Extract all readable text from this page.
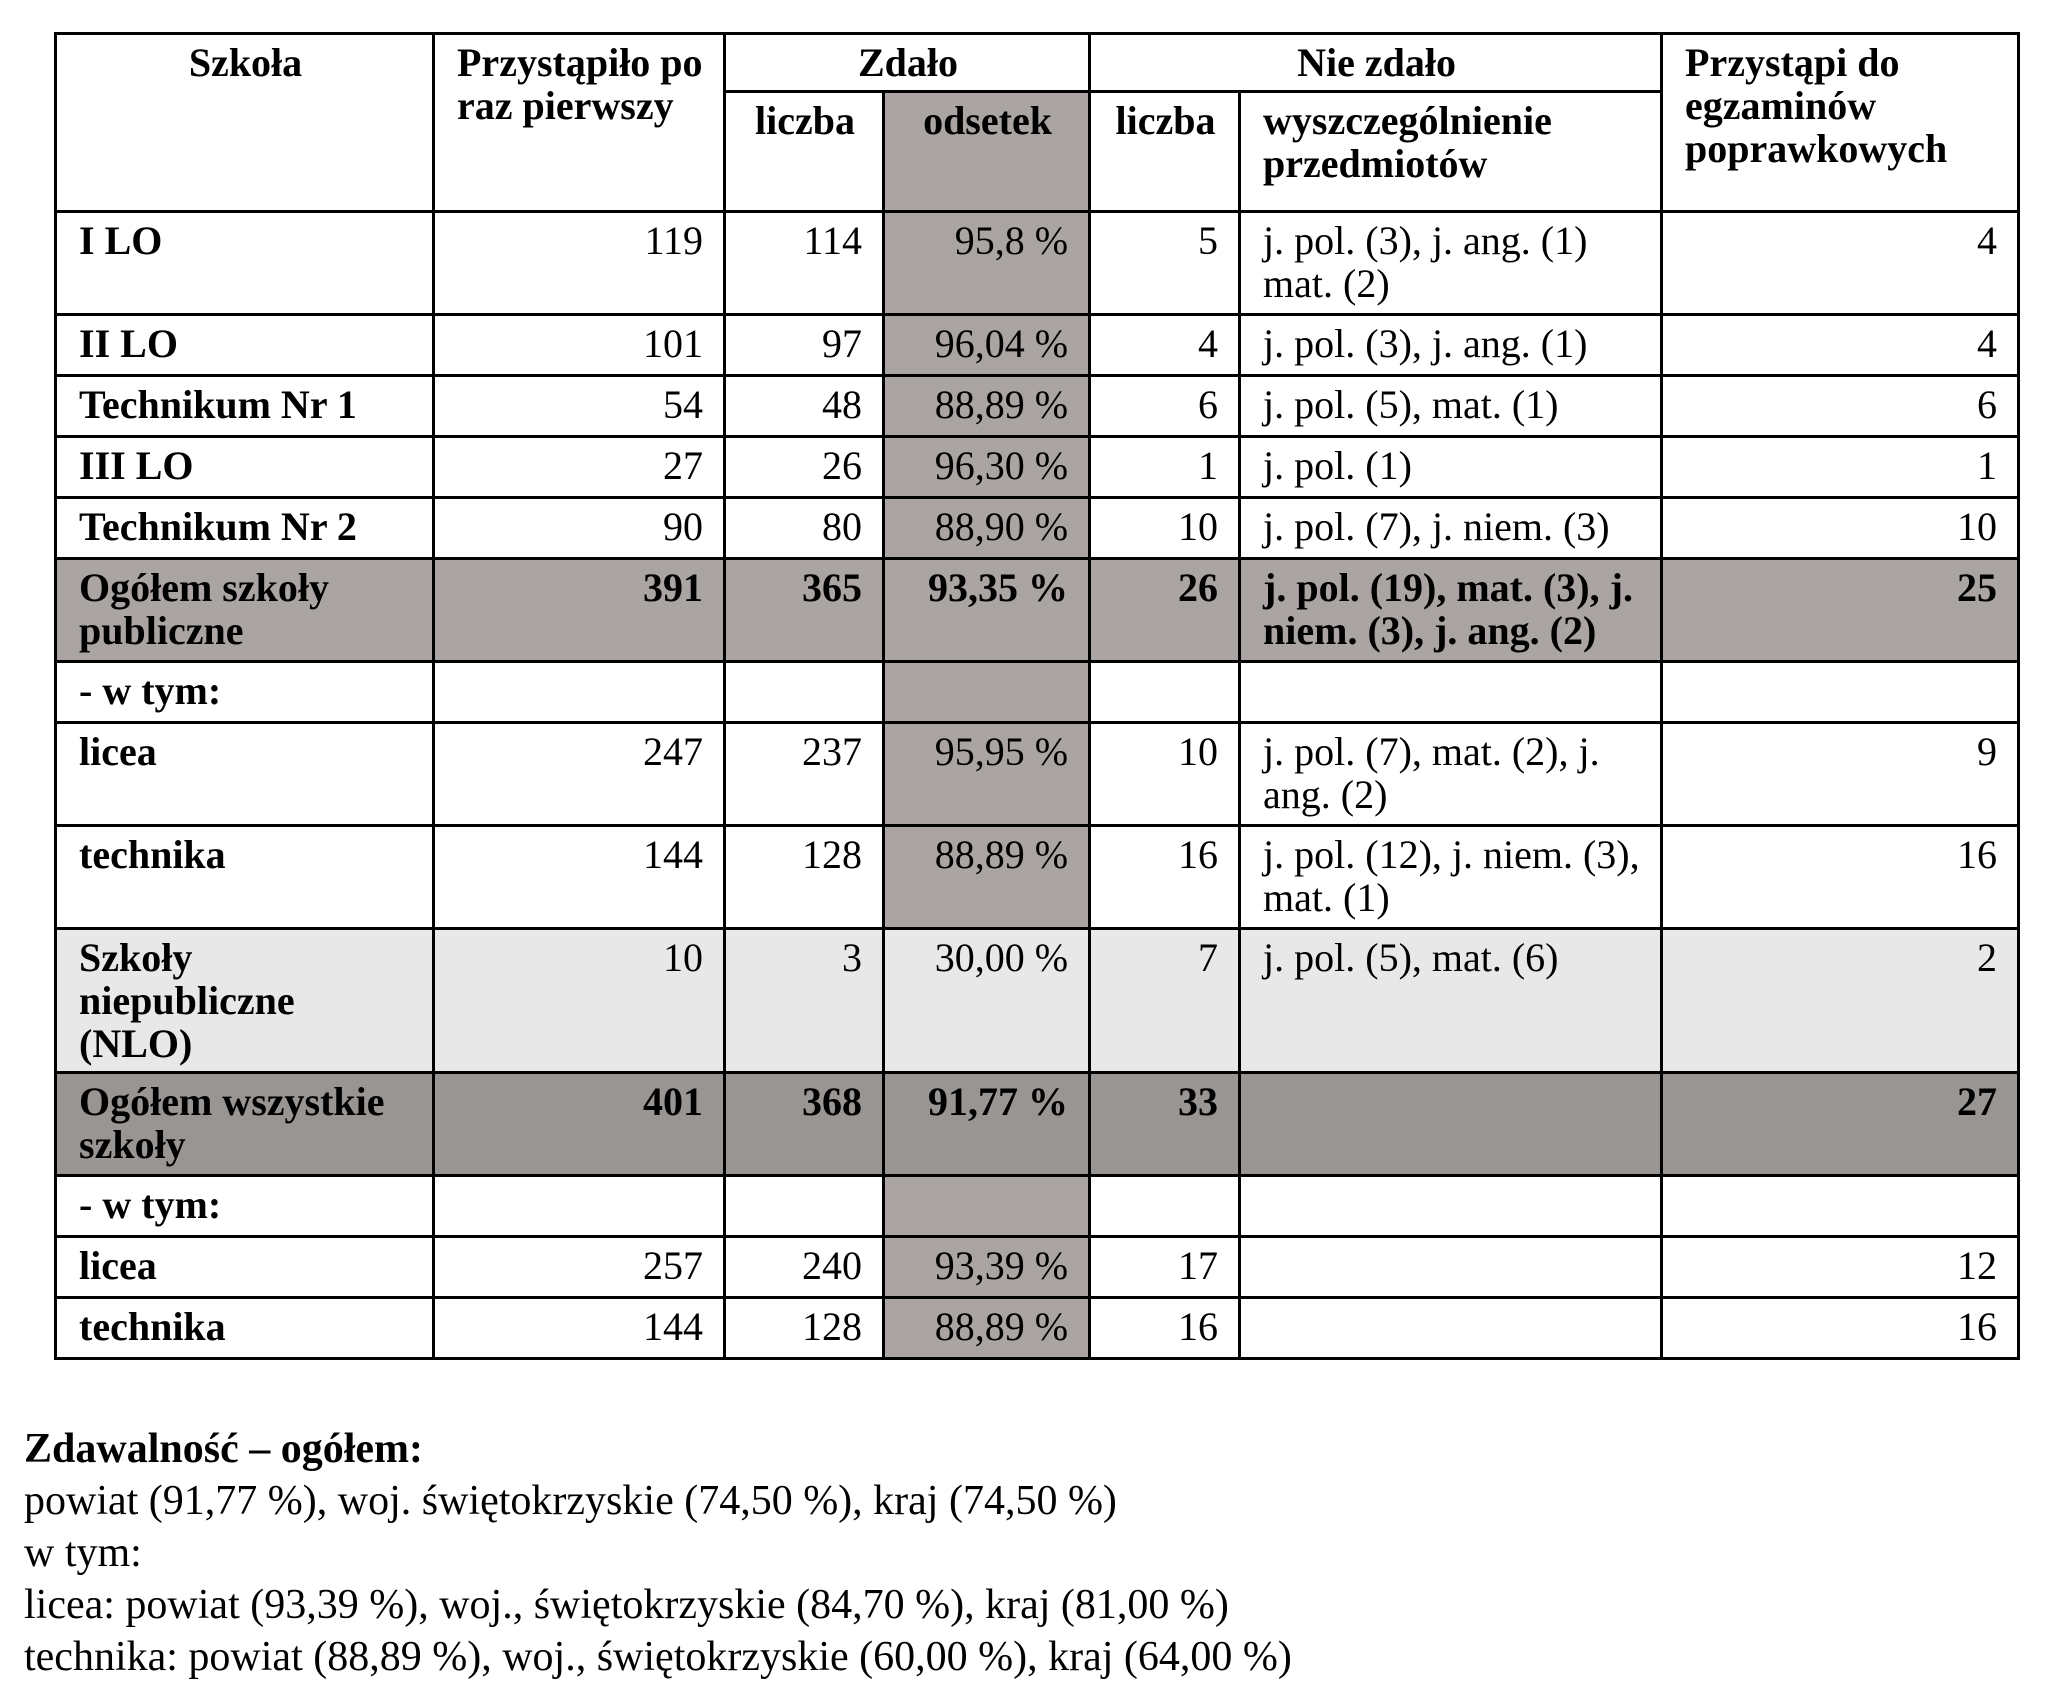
Szkoła	Przystąpiło po raz pierwszy	Zdało		Nie zdało		Przystąpi do egzaminów poprawkowych
		liczba	odsetek	liczba	wyszczególnienie przedmiotów	
I LO	119	114	95,8 %	5	j. pol. (3), j. ang. (1) mat. (2)	4
II LO	101	97	96,04 %	4	j. pol. (3), j. ang. (1)	4
Technikum Nr 1	54	48	88,89 %	6	j. pol. (5), mat. (1)	6
III LO	27	26	96,30 %	1	j. pol. (1)	1
Technikum Nr 2	90	80	88,90 %	10	j. pol. (7), j. niem. (3)	10
Ogółem szkoły publiczne	391	365	93,35 %	26	j. pol. (19), mat. (3), j. niem. (3), j. ang. (2)	25
- w tym:						
licea	247	237	95,95 %	10	j. pol. (7), mat. (2), j. ang. (2)	9
technika	144	128	88,89 %	16	j. pol. (12), j. niem. (3), mat. (1)	16
Szkoły niepubliczne (NLO)	10	3	30,00 %	7	j. pol. (5), mat. (6)	2
Ogółem wszystkie szkoły	401	368	91,77 %	33		27
- w tym:						
licea	257	240	93,39 %	17		12
technika	144	128	88,89 %	16		16
Zdawalność – ogółem:
powiat (91,77 %), woj. świętokrzyskie (74,50 %), kraj (74,50 %)
w tym:
licea: powiat (93,39 %), woj., świętokrzyskie (84,70 %), kraj (81,00 %)
technika: powiat (88,89 %), woj., świętokrzyskie (60,00 %), kraj (64,00 %)
